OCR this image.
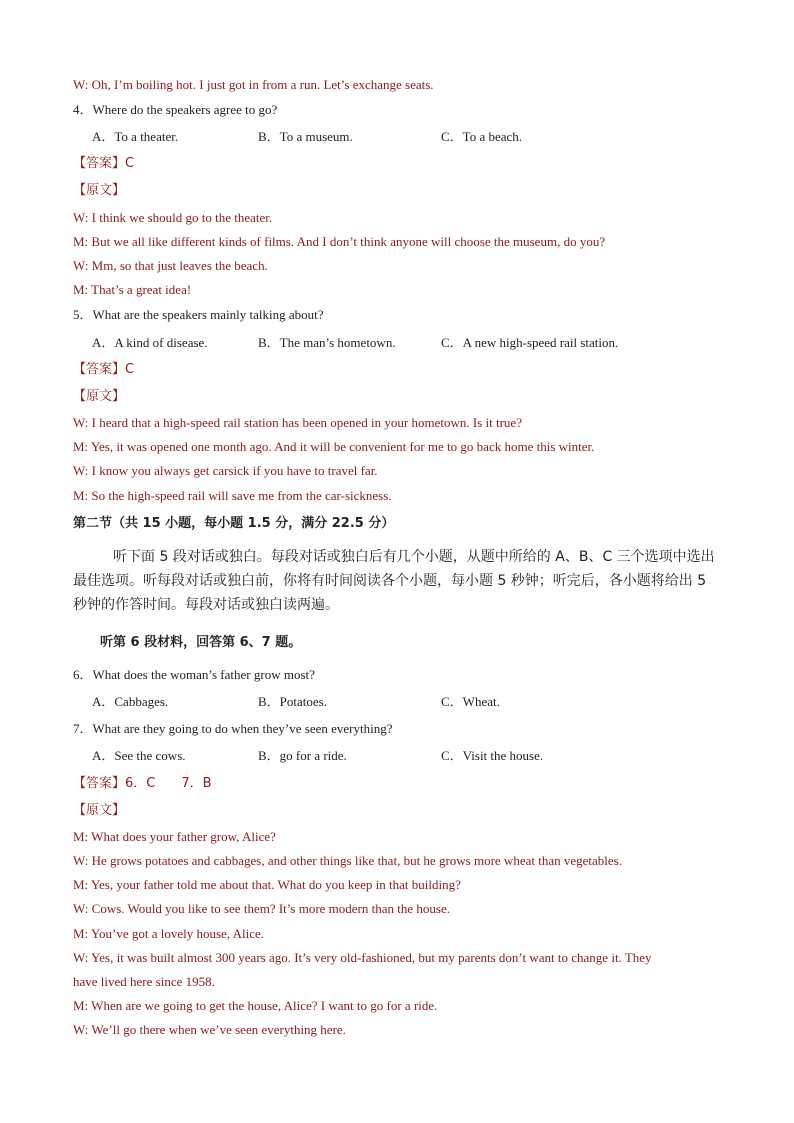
W: Oh, I’m boiling hot. I just got in from a run. Let’s exchange seats.
4．Where do the speakers agree to go?
A．To a theater.	B．To a museum.	C．To a beach.
【答案】C
【原文】
W: I think we should go to the theater.
M: But we all like different kinds of films. And I don’t think anyone will choose the museum, do you?
W: Mm, so that just leaves the beach.
M: That’s a great idea!
5．What are the speakers mainly talking about?
A．A kind of disease.	B．The man’s hometown.	C．A new high-speed rail station.
【答案】C
【原文】
W: I heard that a high-speed rail station has been opened in your hometown. Is it true?
M: Yes, it was opened one month ago. And it will be convenient for me to go back home this winter.
W: I know you always get carsick if you have to travel far.
M: So the high-speed rail will save me from the car-sickness.
第二节（共 15 小题，每小题 1.5 分，满分 22.5 分）
听下面 5 段对话或独白。每段对话或独白后有几个小题，从题中所给的 A、B、C 三个选项中选出最佳选项。听每段对话或独白前，你将有时间阅读各个小题，每小题 5 秒钟；听完后，各小题将给出 5 秒钟的作答时间。每段对话或独白读两遍。
听第 6 段材料，回答第 6、7 题。
6．What does the woman’s father grow most?
A．Cabbages.	B．Potatoes.	C．Wheat.
7．What are they going to do when they’ve seen everything?
A．See the cows.	B．go for a ride.	C．Visit the house.
【答案】6．C　　7．B
【原文】
M: What does your father grow, Alice?
W: He grows potatoes and cabbages, and other things like that, but he grows more wheat than vegetables.
M: Yes, your father told me about that. What do you keep in that building?
W: Cows. Would you like to see them? It’s more modern than the house.
M: You’ve got a lovely house, Alice.
W: Yes, it was built almost 300 years ago. It’s very old-fashioned, but my parents don’t want to change it. They
have lived here since 1958.
M: When are we going to get the house, Alice? I want to go for a ride.
W: We’ll go there when we’ve seen everything here.
